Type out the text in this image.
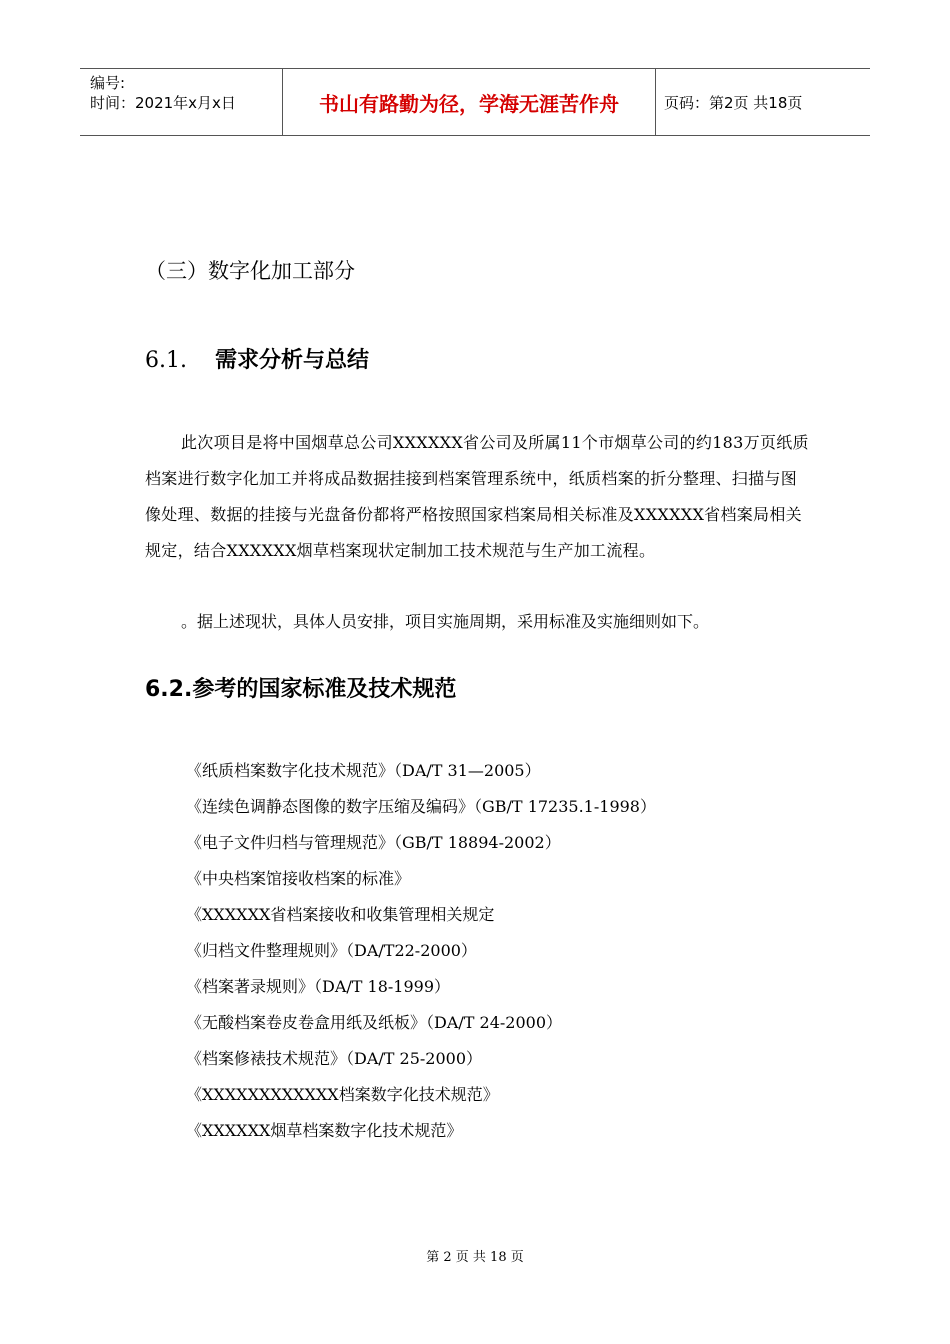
编号:
时间：2021年x月x日	书山有路勤为径，学海无涯苦作舟	页码：第2页 共18页
（三）数字化加工部分
6.1. 需求分析与总结
此次项目是将中国烟草总公司XXXXXX省公司及所属11个市烟草公司的约183万页纸质档案进行数字化加工并将成品数据挂接到档案管理系统中，纸质档案的折分整理、扫描与图像处理、数据的挂接与光盘备份都将严格按照国家档案局相关标准及XXXXXX省档案局相关规定，结合XXXXXX烟草档案现状定制加工技术规范与生产加工流程。
。据上述现状，具体人员安排，项目实施周期，采用标准及实施细则如下。
6.2.参考的国家标准及技术规范
《纸质档案数字化技术规范》（DA/T 31—2005）
《连续色调静态图像的数字压缩及编码》（GB/T 17235.1-1998）
《电子文件归档与管理规范》（GB/T 18894-2002）
《中央档案馆接收档案的标准》
《XXXXXX省档案接收和收集管理相关规定
《归档文件整理规则》（DA/T22-2000）
《档案著录规则》（DA/T 18-1999）
《无酸档案卷皮卷盒用纸及纸板》（DA/T 24-2000）
《档案修裱技术规范》（DA/T 25-2000）
《XXXXXXXXXXXX档案数字化技术规范》
《XXXXXX烟草档案数字化技术规范》
第 2 页 共 18 页
